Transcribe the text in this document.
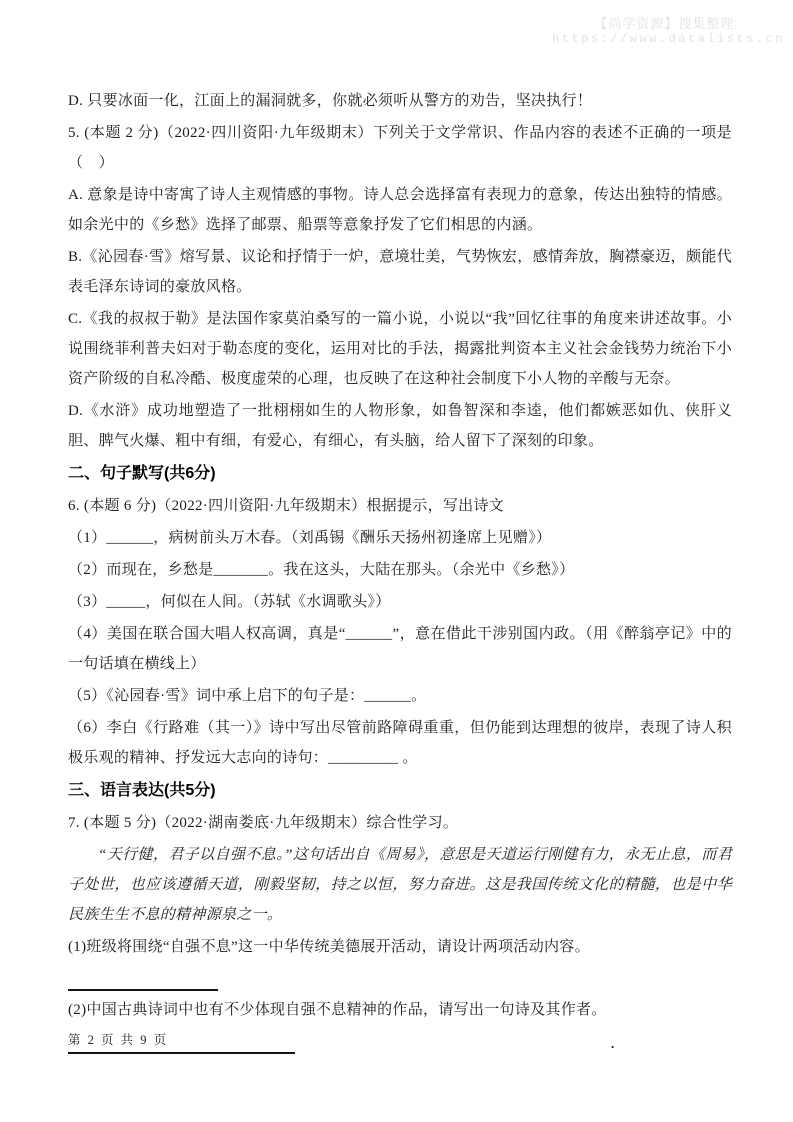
【尚学资源】搜集整理:
https://www.datalists.cn

D. 只要冰面一化，江面上的漏洞就多，你就必须听从警方的劝告，坚决执行！

5. (本题 2 分)（2022·四川资阳·九年级期末）下列关于文学常识、作品内容的表述不正确的一项是（　）

A. 意象是诗中寄寓了诗人主观情感的事物。诗人总会选择富有表现力的意象，传达出独特的情感。如余光中的《乡愁》选择了邮票、船票等意象抒发了它们相思的内涵。

B.《沁园春·雪》熔写景、议论和抒情于一炉，意境壮美，气势恢宏，感情奔放，胸襟豪迈，颇能代表毛泽东诗词的豪放风格。

C.《我的叔叔于勒》是法国作家莫泊桑写的一篇小说，小说以“我”回忆往事的角度来讲述故事。小说围绕菲利普夫妇对于勒态度的变化，运用对比的手法，揭露批判资本主义社会金钱势力统治下小资产阶级的自私冷酷、极度虚荣的心理，也反映了在这种社会制度下小人物的辛酸与无奈。

D.《水浒》成功地塑造了一批栩栩如生的人物形象，如鲁智深和李逵，他们都嫉恶如仇、侠肝义胆、脾气火爆、粗中有细，有爱心，有细心，有头脑，给人留下了深刻的印象。

二、句子默写(共6分)

6. (本题 6 分)（2022·四川资阳·九年级期末）根据提示，写出诗文

（1）______，病树前头万木春。（刘禹锡《酬乐天扬州初逢席上见赠》）

（2）而现在，乡愁是_______。我在这头，大陆在那头。（余光中《乡愁》）

（3）_____，何似在人间。（苏轼《水调歌头》）

（4）美国在联合国大唱人权高调，真是“______”，意在借此干涉别国内政。（用《醉翁亭记》中的一句话填在横线上）

（5）《沁园春·雪》词中承上启下的句子是：______。

（6）李白《行路难（其一）》诗中写出尽管前路障碍重重，但仍能到达理想的彼岸，表现了诗人积极乐观的精神、抒发远大志向的诗句：_________ 。

三、语言表达(共5分)

7. (本题 5 分)（2022·湖南娄底·九年级期末）综合性学习。

“天行健，君子以自强不息。”这句话出自《周易》，意思是天道运行刚健有力，永无止息，而君子处世，也应该遵循天道，刚毅坚韧，持之以恒，努力奋进。这是我国传统文化的精髓，也是中华民族生生不息的精神源泉之一。

(1)班级将围绕“自强不息”这一中华传统美德展开活动，请设计两项活动内容。

(2)中国古典诗词中也有不少体现自强不息精神的作品，请写出一句诗及其作者。

第 2 页 共 9 页	.
